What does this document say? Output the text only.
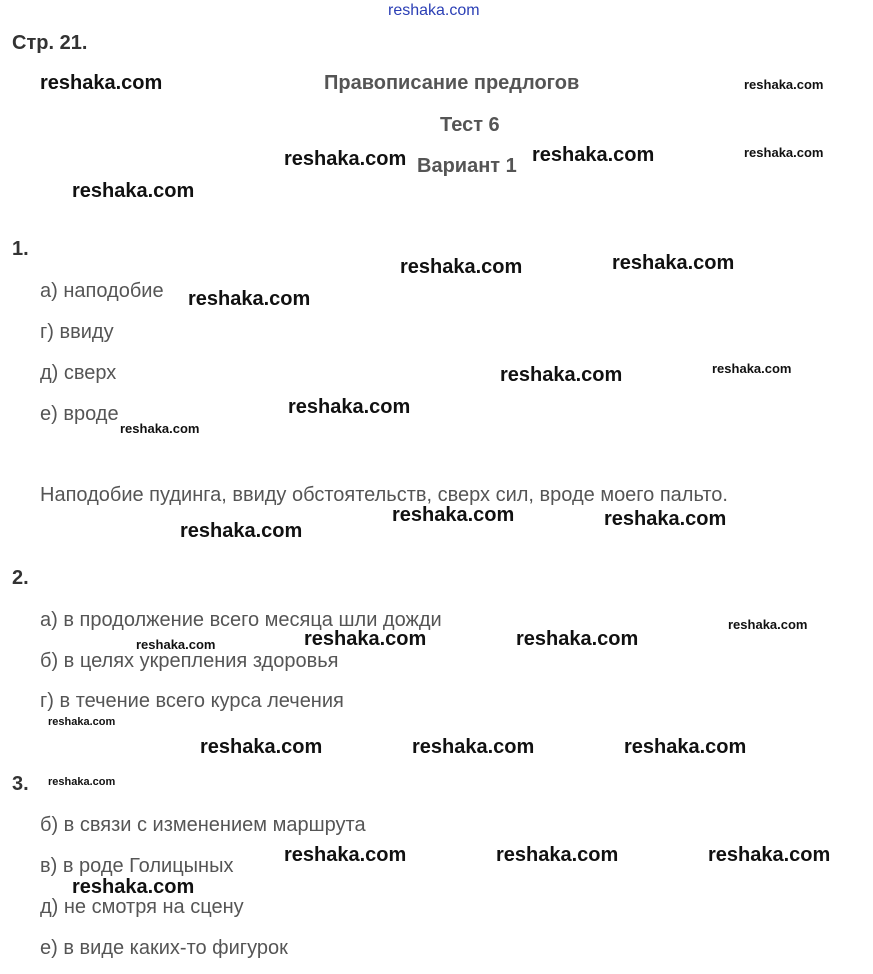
reshaka.com
Стр. 21.
Правописание предлогов
Тест 6
Вариант 1
1.
а) наподобие
г) ввиду
д) сверх
е) вроде
Наподобие пудинга, ввиду обстоятельств, сверх сил, вроде моего пальто.
2.
а) в продолжение всего месяца шли дожди
б) в целях укрепления здоровья
г) в течение всего курса лечения
3.
б) в связи с изменением маршрута
в) в роде Голицыных
д) не смотря на сцену
е) в виде каких-то фигурок
reshaka.com	reshaka.com
reshaka.com	reshaka.com	reshaka.com
reshaka.com
reshaka.com	reshaka.com
reshaka.com
reshaka.com	reshaka.com
reshaka.com
reshaka.com
reshaka.com	reshaka.com
reshaka.com
reshaka.com
reshaka.com	reshaka.com	reshaka.com
reshaka.com
reshaka.com	reshaka.com	reshaka.com
reshaka.com
reshaka.com	reshaka.com	reshaka.com
reshaka.com
